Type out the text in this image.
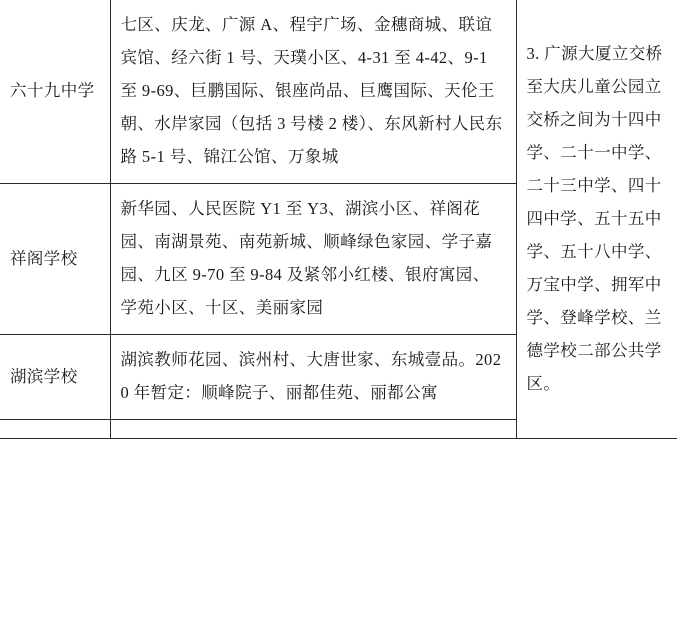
六十九中学	七区、庆龙、广源 A、程宇广场、金穗商城、联谊宾馆、经六街 1 号、天璞小区、4-31 至 4-42、9-1 至 9-69、巨鹏国际、银座尚品、巨鹰国际、天伦王朝、水岸家园（包括 3 号楼 2 楼）、东风新村人民东路 5-1 号、锦江公馆、万象城	3. 广源大厦立交桥至大庆儿童公园立交桥之间为十四中学、二十一中学、二十三中学、四十四中学、五十五中学、五十八中学、万宝中学、拥军中学、登峰学校、兰德学校二部公共学区。

祥阁学校	新华园、人民医院 Y1 至 Y3、湖滨小区、祥阁花园、南湖景苑、南苑新城、顺峰绿色家园、学子嘉园、九区 9-70 至 9-84 及紧邻小红楼、银府寓园、学苑小区、十区、美丽家园	

湖滨学校	湖滨教师花园、滨州村、大唐世家、东城壹品。2020 年暂定：顺峰院子、丽都佳苑、丽都公寓	
